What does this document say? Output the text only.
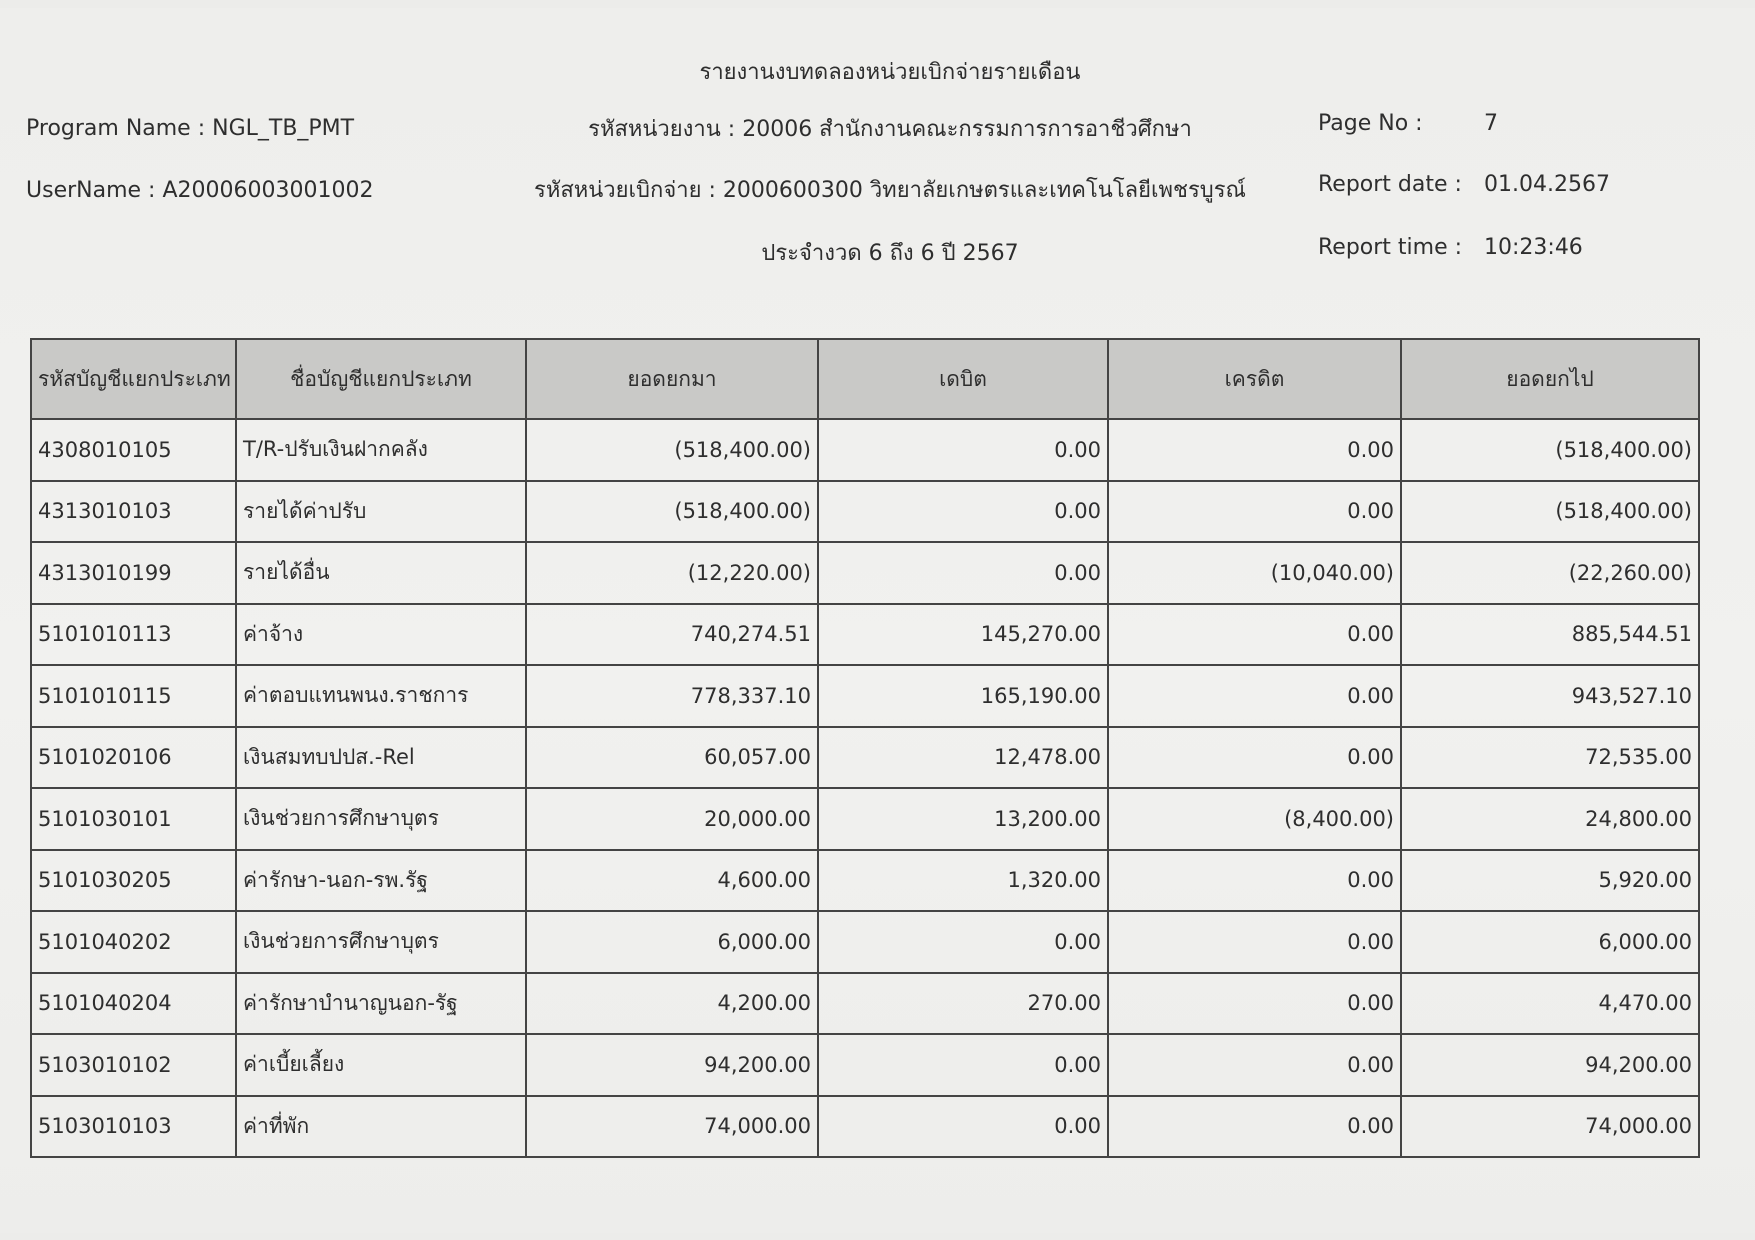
รายงานงบทดลองหน่วยเบิกจ่ายรายเดือน
Program Name : NGL_TB_PMT	รหัสหน่วยงาน : 20006 สำนักงานคณะกรรมการการอาชีวศึกษา	Page No :	7
UserName : A20006003001002	รหัสหน่วยเบิกจ่าย : 2000600300 วิทยาลัยเกษตรและเทคโนโลยีเพชรบูรณ์	Report date : 01.04.2567
ประจำงวด 6 ถึง 6 ปี 2567	Report time : 10:23:46
รหัสบัญชีแยกประเภท	ชื่อบัญชีแยกประเภท	ยอดยกมา	เดบิต	เครดิต	ยอดยกไป
4308010105	T/R-ปรับเงินฝากคลัง	(518,400.00)	0.00	0.00	(518,400.00)
4313010103	รายได้ค่าปรับ	(518,400.00)	0.00	0.00	(518,400.00)
4313010199	รายได้อื่น	(12,220.00)	0.00	(10,040.00)	(22,260.00)
5101010113	ค่าจ้าง	740,274.51	145,270.00	0.00	885,544.51
5101010115	ค่าตอบแทนพนง.ราชการ	778,337.10	165,190.00	0.00	943,527.10
5101020106	เงินสมทบปปส.-Rel	60,057.00	12,478.00	0.00	72,535.00
5101030101	เงินช่วยการศึกษาบุตร	20,000.00	13,200.00	(8,400.00)	24,800.00
5101030205	ค่ารักษา-นอก-รพ.รัฐ	4,600.00	1,320.00	0.00	5,920.00
5101040202	เงินช่วยการศึกษาบุตร	6,000.00	0.00	0.00	6,000.00
5101040204	ค่ารักษาบำนาญนอก-รัฐ	4,200.00	270.00	0.00	4,470.00
5103010102	ค่าเบี้ยเลี้ยง	94,200.00	0.00	0.00	94,200.00
5103010103	ค่าที่พัก	74,000.00	0.00	0.00	74,000.00
